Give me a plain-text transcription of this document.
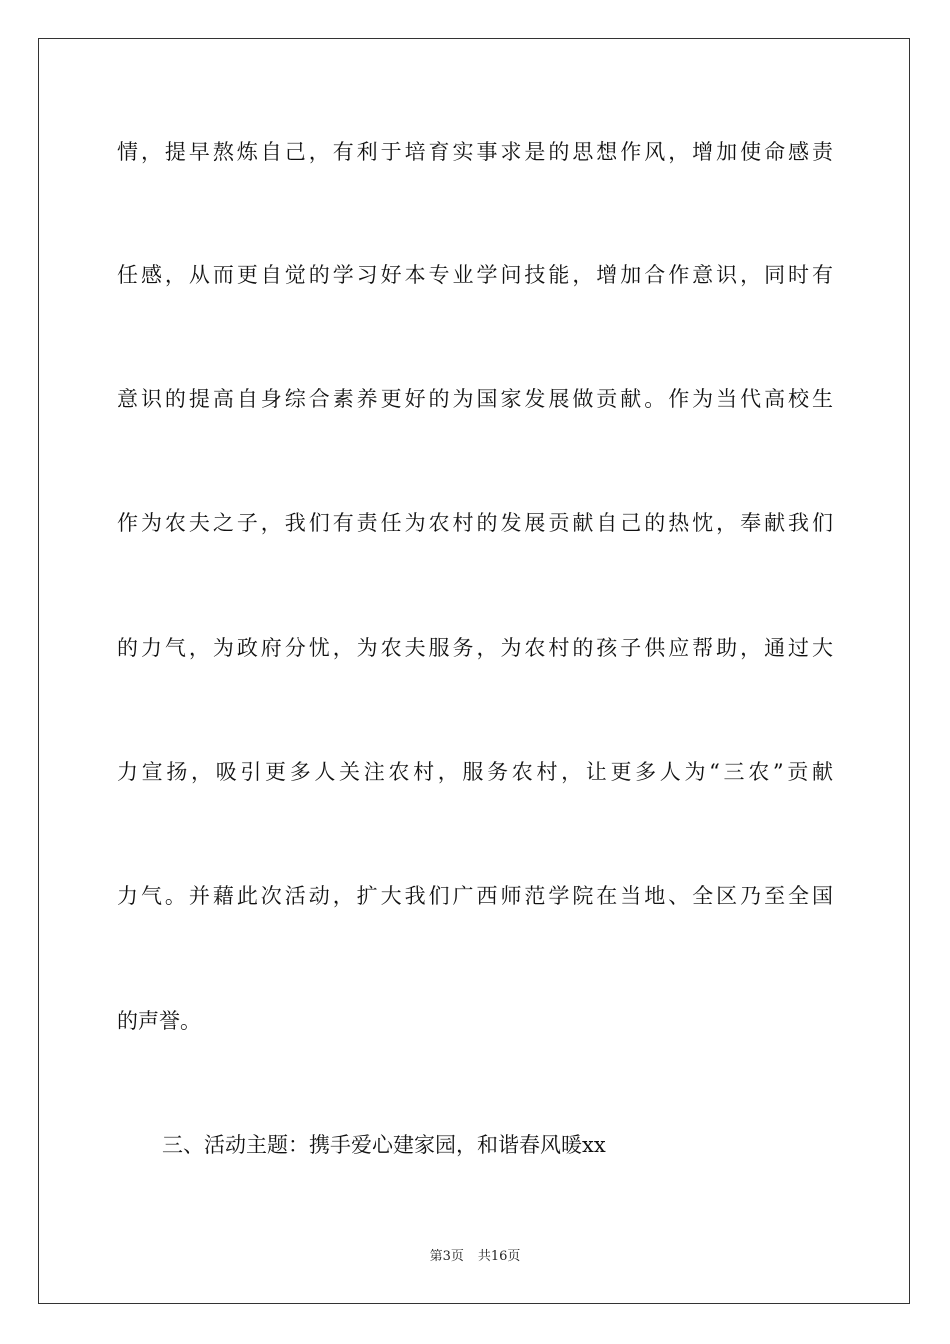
情，提早熬炼自己，有利于培育实事求是的思想作风，增加使命感责
任感，从而更自觉的学习好本专业学问技能，增加合作意识，同时有
意识的提高自身综合素养更好的为国家发展做贡献。作为当代高校生
作为农夫之子，我们有责任为农村的发展贡献自己的热忱，奉献我们
的力气，为政府分忧，为农夫服务，为农村的孩子供应帮助，通过大
力宣扬，吸引更多人关注农村，服务农村，让更多人为“三农”贡献
力气。并藉此次活动，扩大我们广西师范学院在当地、全区乃至全国
的声誉。
三、活动主题：携手爱心建家园，和谐春风暖xx
第3页 共16页
